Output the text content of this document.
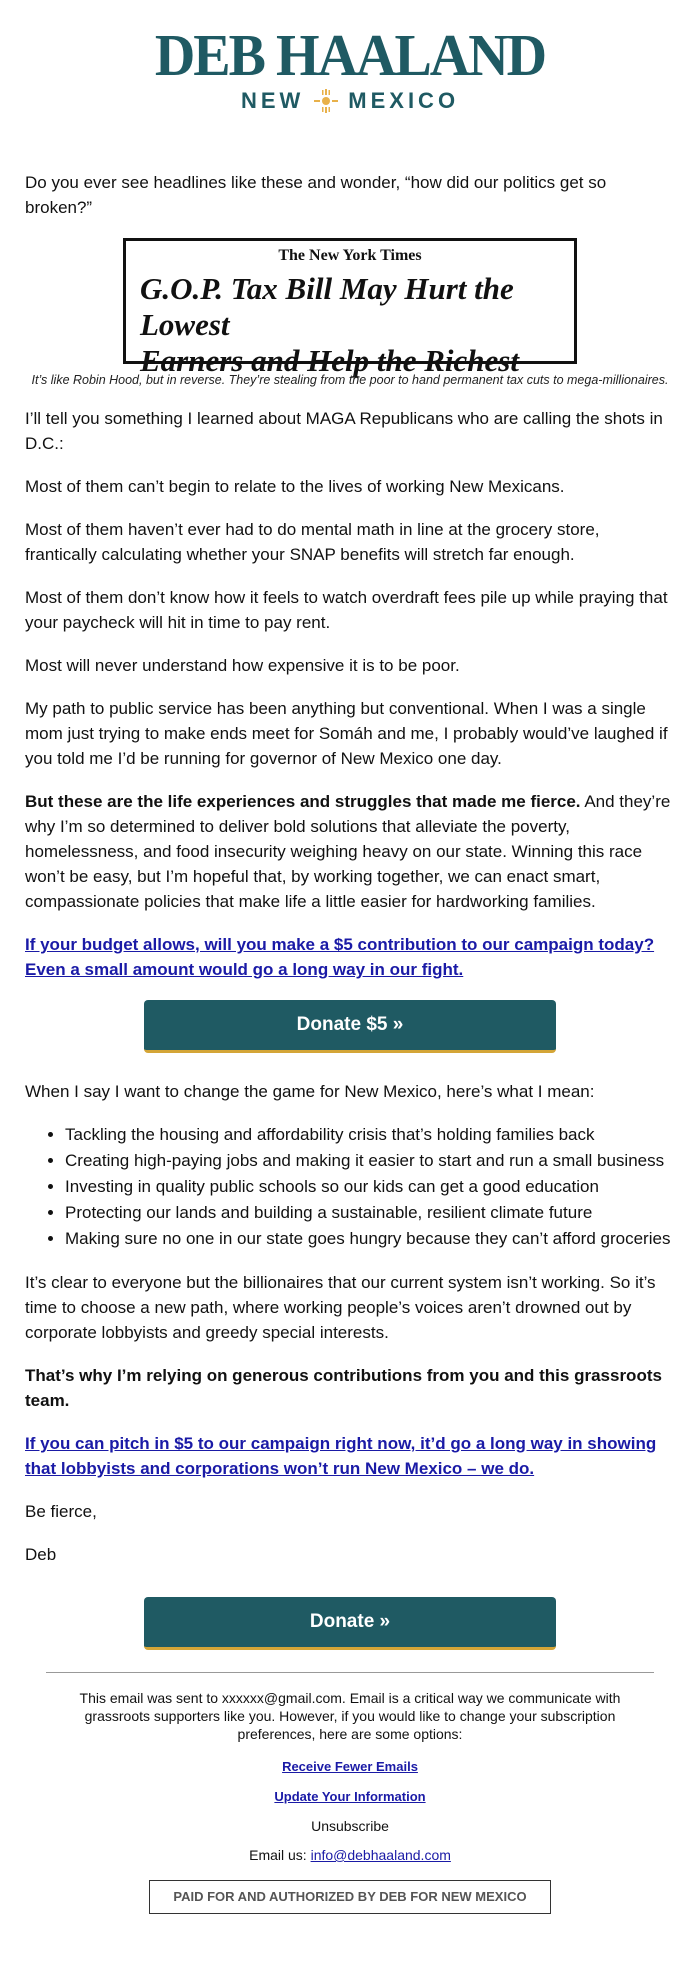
DEB HAALAND
NEW MEXICO

Do you ever see headlines like these and wonder, “how did our politics get so broken?”

The New York Times
G.O.P. Tax Bill May Hurt the Lowest
Earners and Help the Richest

It’s like Robin Hood, but in reverse. They’re stealing from the poor to hand permanent tax cuts to mega-millionaires.

I’ll tell you something I learned about MAGA Republicans who are calling the shots in D.C.:

Most of them can’t begin to relate to the lives of working New Mexicans.

Most of them haven’t ever had to do mental math in line at the grocery store, frantically calculating whether your SNAP benefits will stretch far enough.

Most of them don’t know how it feels to watch overdraft fees pile up while praying that your paycheck will hit in time to pay rent.

Most will never understand how expensive it is to be poor.

My path to public service has been anything but conventional. When I was a single mom just trying to make ends meet for Somáh and me, I probably would’ve laughed if you told me I’d be running for governor of New Mexico one day.

But these are the life experiences and struggles that made me fierce. And they’re why I’m so determined to deliver bold solutions that alleviate the poverty, homelessness, and food insecurity weighing heavy on our state. Winning this race won’t be easy, but I’m hopeful that, by working together, we can enact smart, compassionate policies that make life a little easier for hardworking families.

If your budget allows, will you make a $5 contribution to our campaign today? Even a small amount would go a long way in our fight.

Donate $5 »

When I say I want to change the game for New Mexico, here’s what I mean:

• Tackling the housing and affordability crisis that’s holding families back
• Creating high-paying jobs and making it easier to start and run a small business
• Investing in quality public schools so our kids can get a good education
• Protecting our lands and building a sustainable, resilient climate future
• Making sure no one in our state goes hungry because they can’t afford groceries

It’s clear to everyone but the billionaires that our current system isn’t working. So it’s time to choose a new path, where working people’s voices aren’t drowned out by corporate lobbyists and greedy special interests.

That’s why I’m relying on generous contributions from you and this grassroots team.

If you can pitch in $5 to our campaign right now, it’d go a long way in showing that lobbyists and corporations won’t run New Mexico – we do.

Be fierce,

Deb

Donate »
This email was sent to xxxxxx@gmail.com. Email is a critical way we communicate with grassroots supporters like you. However, if you would like to change your subscription preferences, here are some options:
Receive Fewer Emails
Update Your Information
Unsubscribe
Email us: info@debhaaland.com
PAID FOR AND AUTHORIZED BY DEB FOR NEW MEXICO
